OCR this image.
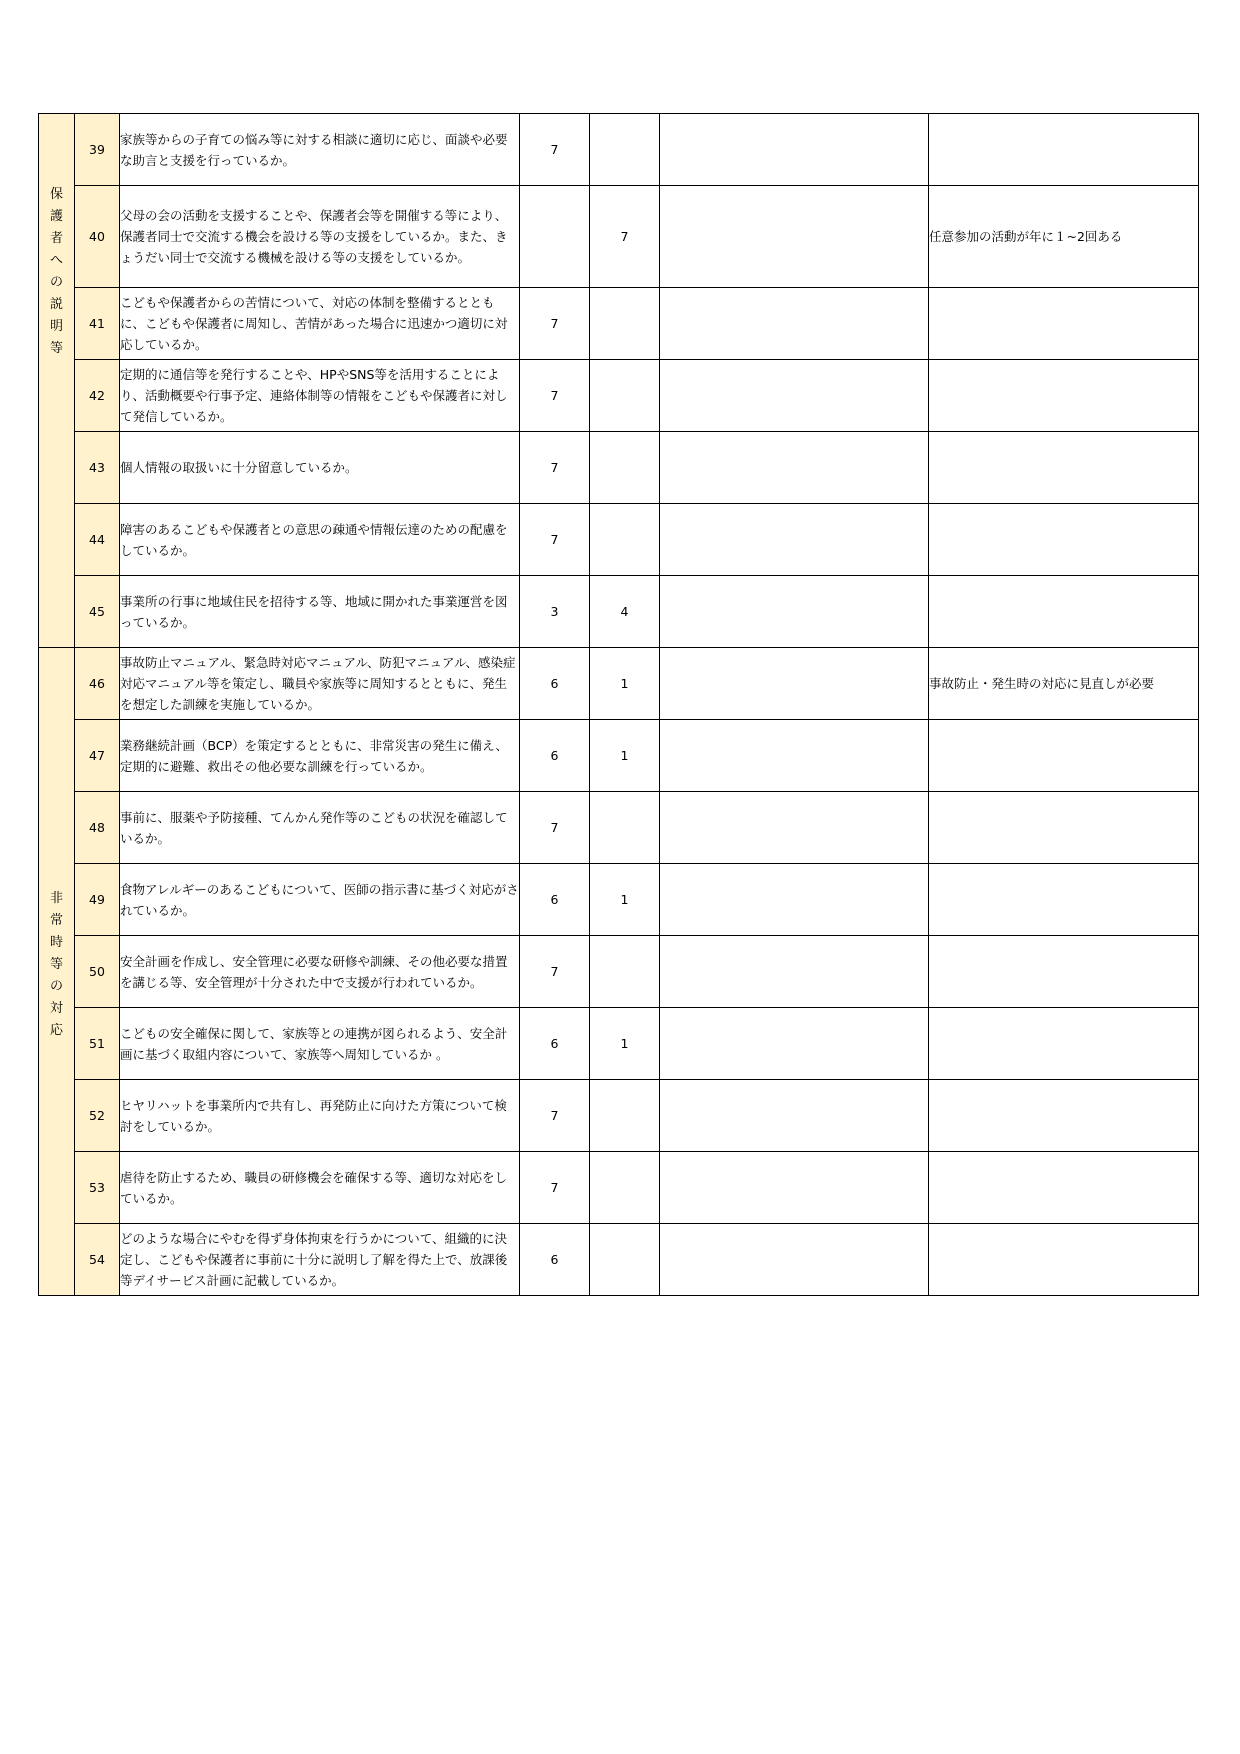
保護者への説明等	39	家族等からの子育ての悩み等に対する相談に適切に応じ、面談や必要な助言と支援を行っているか。	7			
	40	父母の会の活動を支援することや、保護者会等を開催する等により、保護者同士で交流する機会を設ける等の支援をしているか。また、きょうだい同士で交流する機械を設ける等の支援をしているか。		7		任意参加の活動が年に１~2回ある
	41	こどもや保護者からの苦情について、対応の体制を整備するとともに、こどもや保護者に周知し、苦情があった場合に迅速かつ適切に対応しているか。	7			
	42	定期的に通信等を発行することや、HPやSNS等を活用することにより、活動概要や行事予定、連絡体制等の情報をこどもや保護者に対して発信しているか。	7			
	43	個人情報の取扱いに十分留意しているか。	7			
	44	障害のあるこどもや保護者との意思の疎通や情報伝達のための配慮をしているか。	7			
	45	事業所の行事に地域住民を招待する等、地域に開かれた事業運営を図っているか。	3	4		
非常時等の対応	46	事故防止マニュアル、緊急時対応マニュアル、防犯マニュアル、感染症対応マニュアル等を策定し、職員や家族等に周知するとともに、発生を想定した訓練を実施しているか。	6	1		事故防止・発生時の対応に見直しが必要
	47	業務継続計画（BCP）を策定するとともに、非常災害の発生に備え、定期的に避難、救出その他必要な訓練を行っているか。	6	1		
	48	事前に、服薬や予防接種、てんかん発作等のこどもの状況を確認しているか。	7			
	49	食物アレルギーのあるこどもについて、医師の指示書に基づく対応がされているか。	6	1		
	50	安全計画を作成し、安全管理に必要な研修や訓練、その他必要な措置を講じる等、安全管理が十分された中で支援が行われているか。	7			
	51	こどもの安全確保に関して、家族等との連携が図られるよう、安全計画に基づく取組内容について、家族等へ周知しているか 。	6	1		
	52	ヒヤリハットを事業所内で共有し、再発防止に向けた方策について検討をしているか。	7			
	53	虐待を防止するため、職員の研修機会を確保する等、適切な対応をしているか。	7			
	54	どのような場合にやむを得ず身体拘束を行うかについて、組織的に決定し、こどもや保護者に事前に十分に説明し了解を得た上で、放課後等デイサービス計画に記載しているか。	6			
